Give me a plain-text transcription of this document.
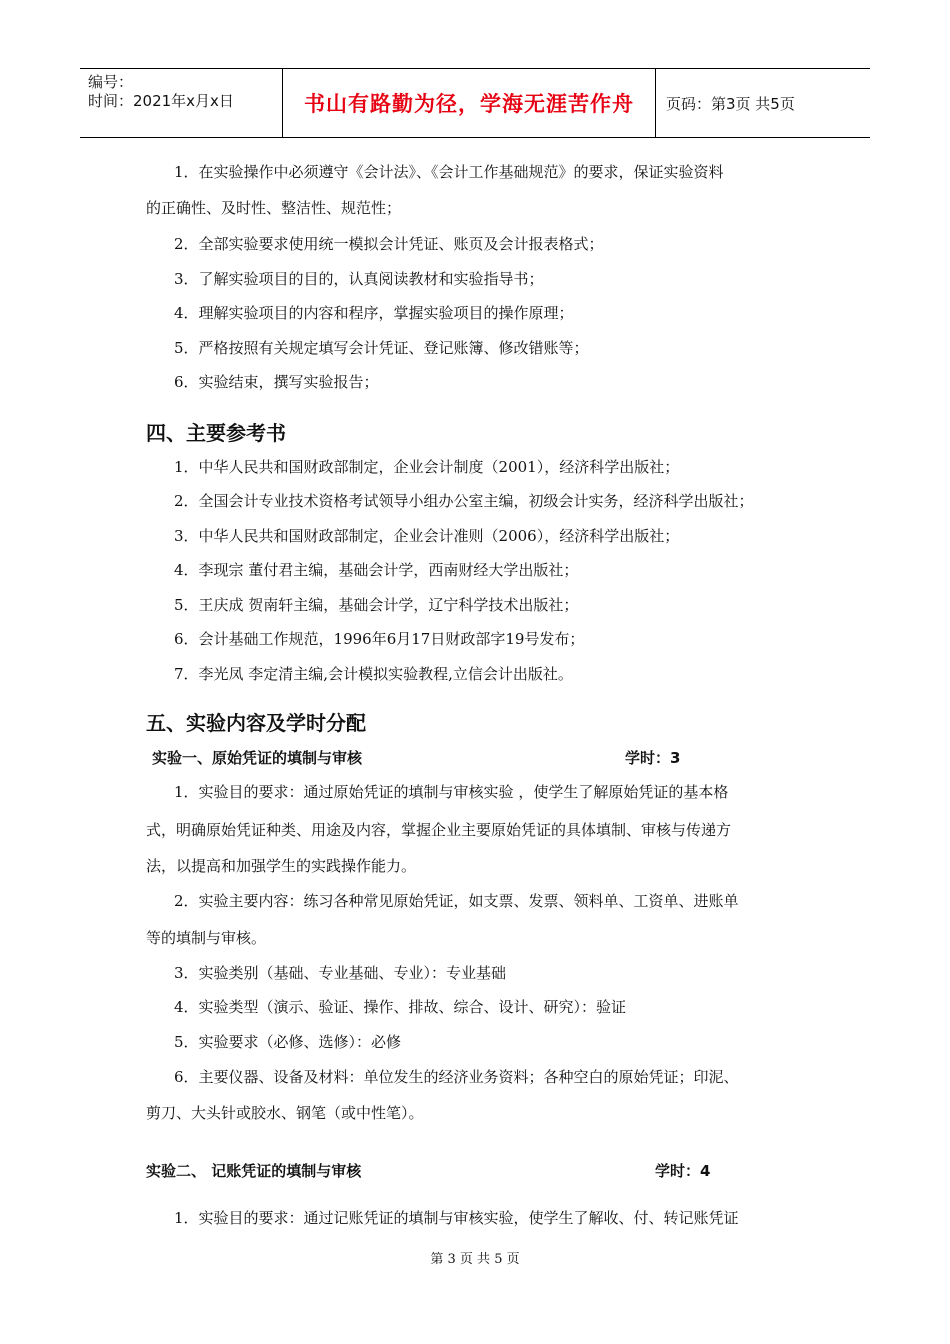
编号：
时间：2021年x月x日	书山有路勤为径，学海无涯苦作舟	页码：第3页 共5页
1．在实验操作中必须遵守《会计法》、《会计工作基础规范》的要求，保证实验资料
的正确性、及时性、整洁性、规范性；
2．全部实验要求使用统一模拟会计凭证、账页及会计报表格式；
3．了解实验项目的目的，认真阅读教材和实验指导书；
4．理解实验项目的内容和程序，掌握实验项目的操作原理；
5．严格按照有关规定填写会计凭证、登记账簿、修改错账等；
6．实验结束，撰写实验报告；
四、主要参考书
1．中华人民共和国财政部制定，企业会计制度（2001），经济科学出版社；
2．全国会计专业技术资格考试领导小组办公室主编，初级会计实务，经济科学出版社；
3．中华人民共和国财政部制定，企业会计准则（2006），经济科学出版社；
4．李现宗 董付君主编，基础会计学，西南财经大学出版社；
5．王庆成 贺南轩主编，基础会计学，辽宁科学技术出版社；
6．会计基础工作规范，1996年6月17日财政部字19号发布；
7．李光凤 李定清主编,会计模拟实验教程,立信会计出版社。
五、实验内容及学时分配
实验一、原始凭证的填制与审核	学时：3
1．实验目的要求：通过原始凭证的填制与审核实验 ，使学生了解原始凭证的基本格
式，明确原始凭证种类、用途及内容，掌握企业主要原始凭证的具体填制、审核与传递方
法，以提高和加强学生的实践操作能力。
2．实验主要内容：练习各种常见原始凭证，如支票、发票、领料单、工资单、进账单
等的填制与审核。
3．实验类别（基础、专业基础、专业）：专业基础
4．实验类型（演示、验证、操作、排故、综合、设计、研究）：验证
5．实验要求（必修、选修）：必修
6．主要仪器、设备及材料：单位发生的经济业务资料；各种空白的原始凭证；印泥、
剪刀、大头针或胶水、钢笔（或中性笔）。
实验二、 记账凭证的填制与审核	学时：4
1．实验目的要求：通过记账凭证的填制与审核实验，使学生了解收、付、转记账凭证
第 3 页 共 5 页
